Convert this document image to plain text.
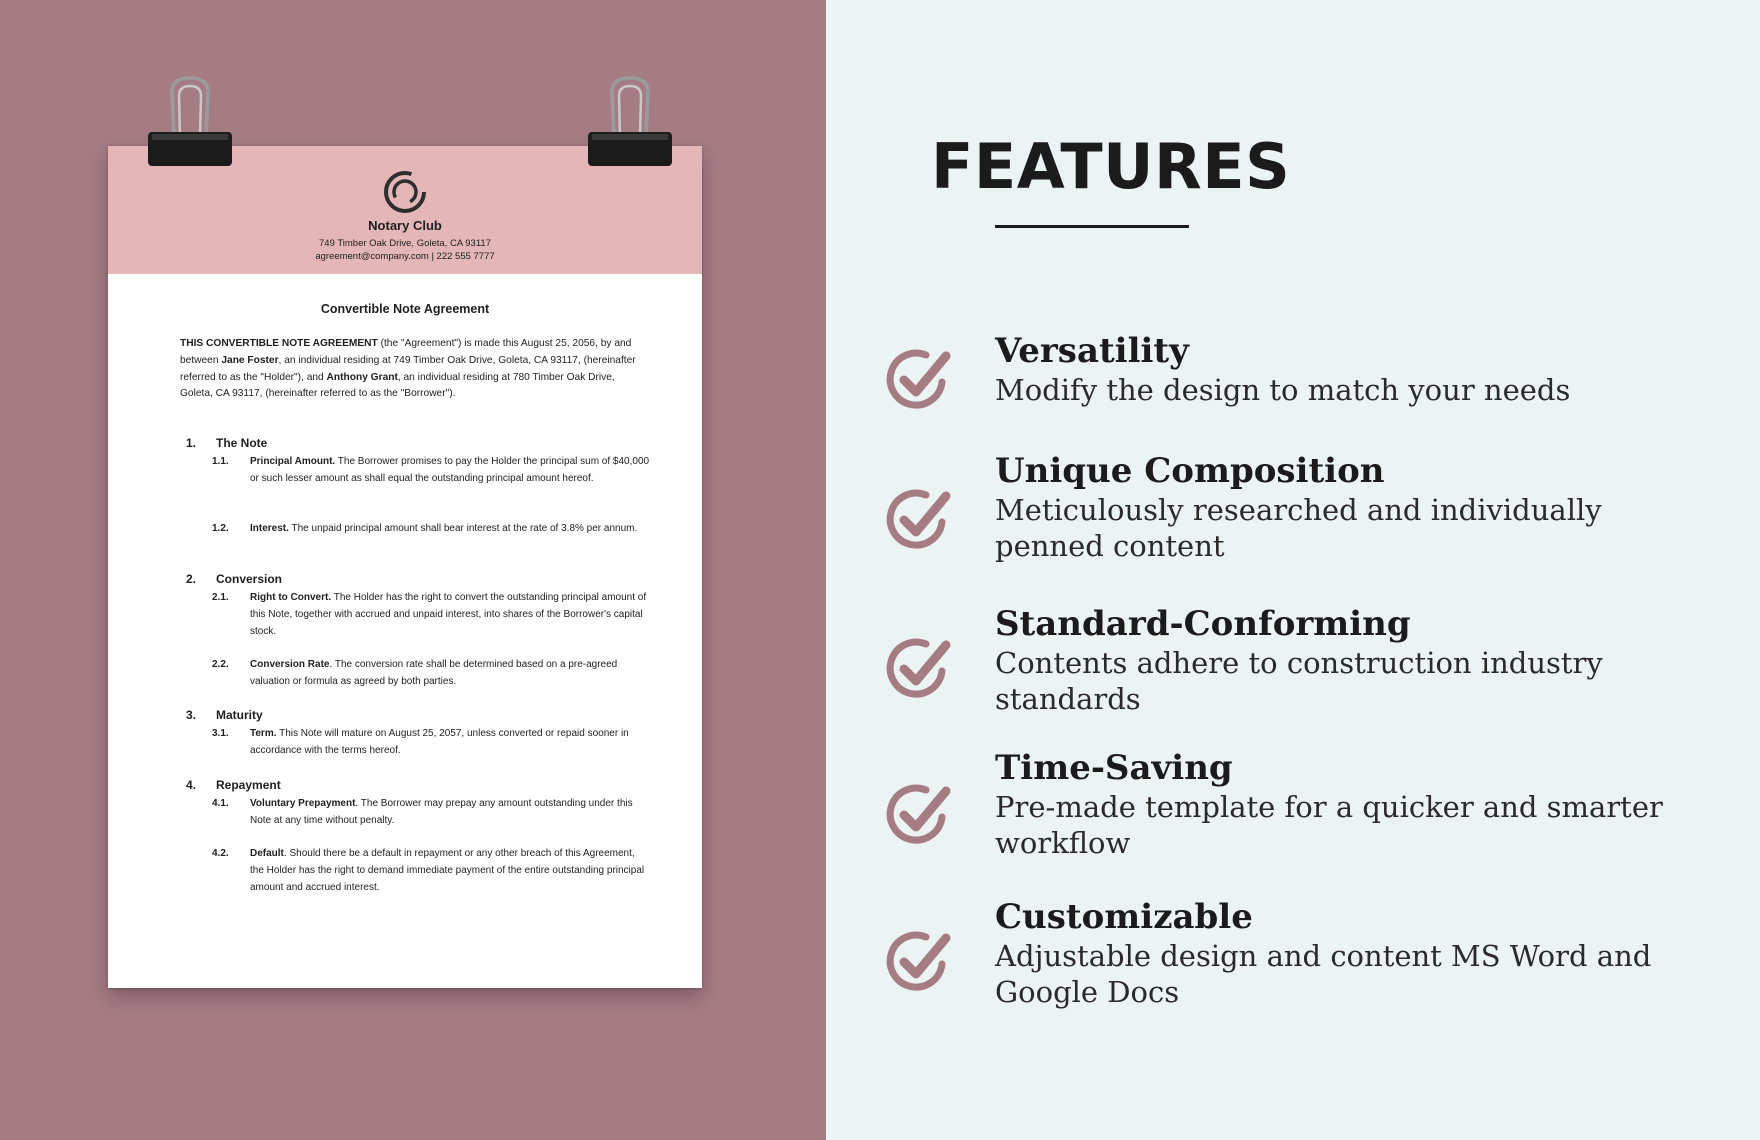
Notary Club
749 Timber Oak Drive, Goleta, CA 93117
agreement@company.com | 222 555 7777
Convertible Note Agreement
THIS CONVERTIBLE NOTE AGREEMENT (the "Agreement") is made this August 25, 2056, by and between Jane Foster, an individual residing at 749 Timber Oak Drive, Goleta, CA 93117, (hereinafter referred to as the "Holder"), and Anthony Grant, an individual residing at 780 Timber Oak Drive, Goleta, CA 93117, (hereinafter referred to as the "Borrower").
1. The Note
1.1.	Principal Amount. The Borrower promises to pay the Holder the principal sum of $40,000 or such lesser amount as shall equal the outstanding principal amount hereof.
1.2.	Interest. The unpaid principal amount shall bear interest at the rate of 3.8% per annum.
2. Conversion
2.1.	Right to Convert. The Holder has the right to convert the outstanding principal amount of this Note, together with accrued and unpaid interest, into shares of the Borrower's capital stock.
2.2.	Conversion Rate. The conversion rate shall be determined based on a pre-agreed valuation or formula as agreed by both parties.
3. Maturity
3.1.	Term. This Note will mature on August 25, 2057, unless converted or repaid sooner in accordance with the terms hereof.
4. Repayment
4.1.	Voluntary Prepayment. The Borrower may prepay any amount outstanding under this Note at any time without penalty.
4.2.	Default. Should there be a default in repayment or any other breach of this Agreement, the Holder has the right to demand immediate payment of the entire outstanding principal amount and accrued interest.
FEATURES
Versatility
Modify the design to match your needs
Unique Composition
Meticulously researched and individually penned content
Standard-Conforming
Contents adhere to construction industry standards
Time-Saving
Pre-made template for a quicker and smarter workflow
Customizable
Adjustable design and content MS Word and Google Docs
